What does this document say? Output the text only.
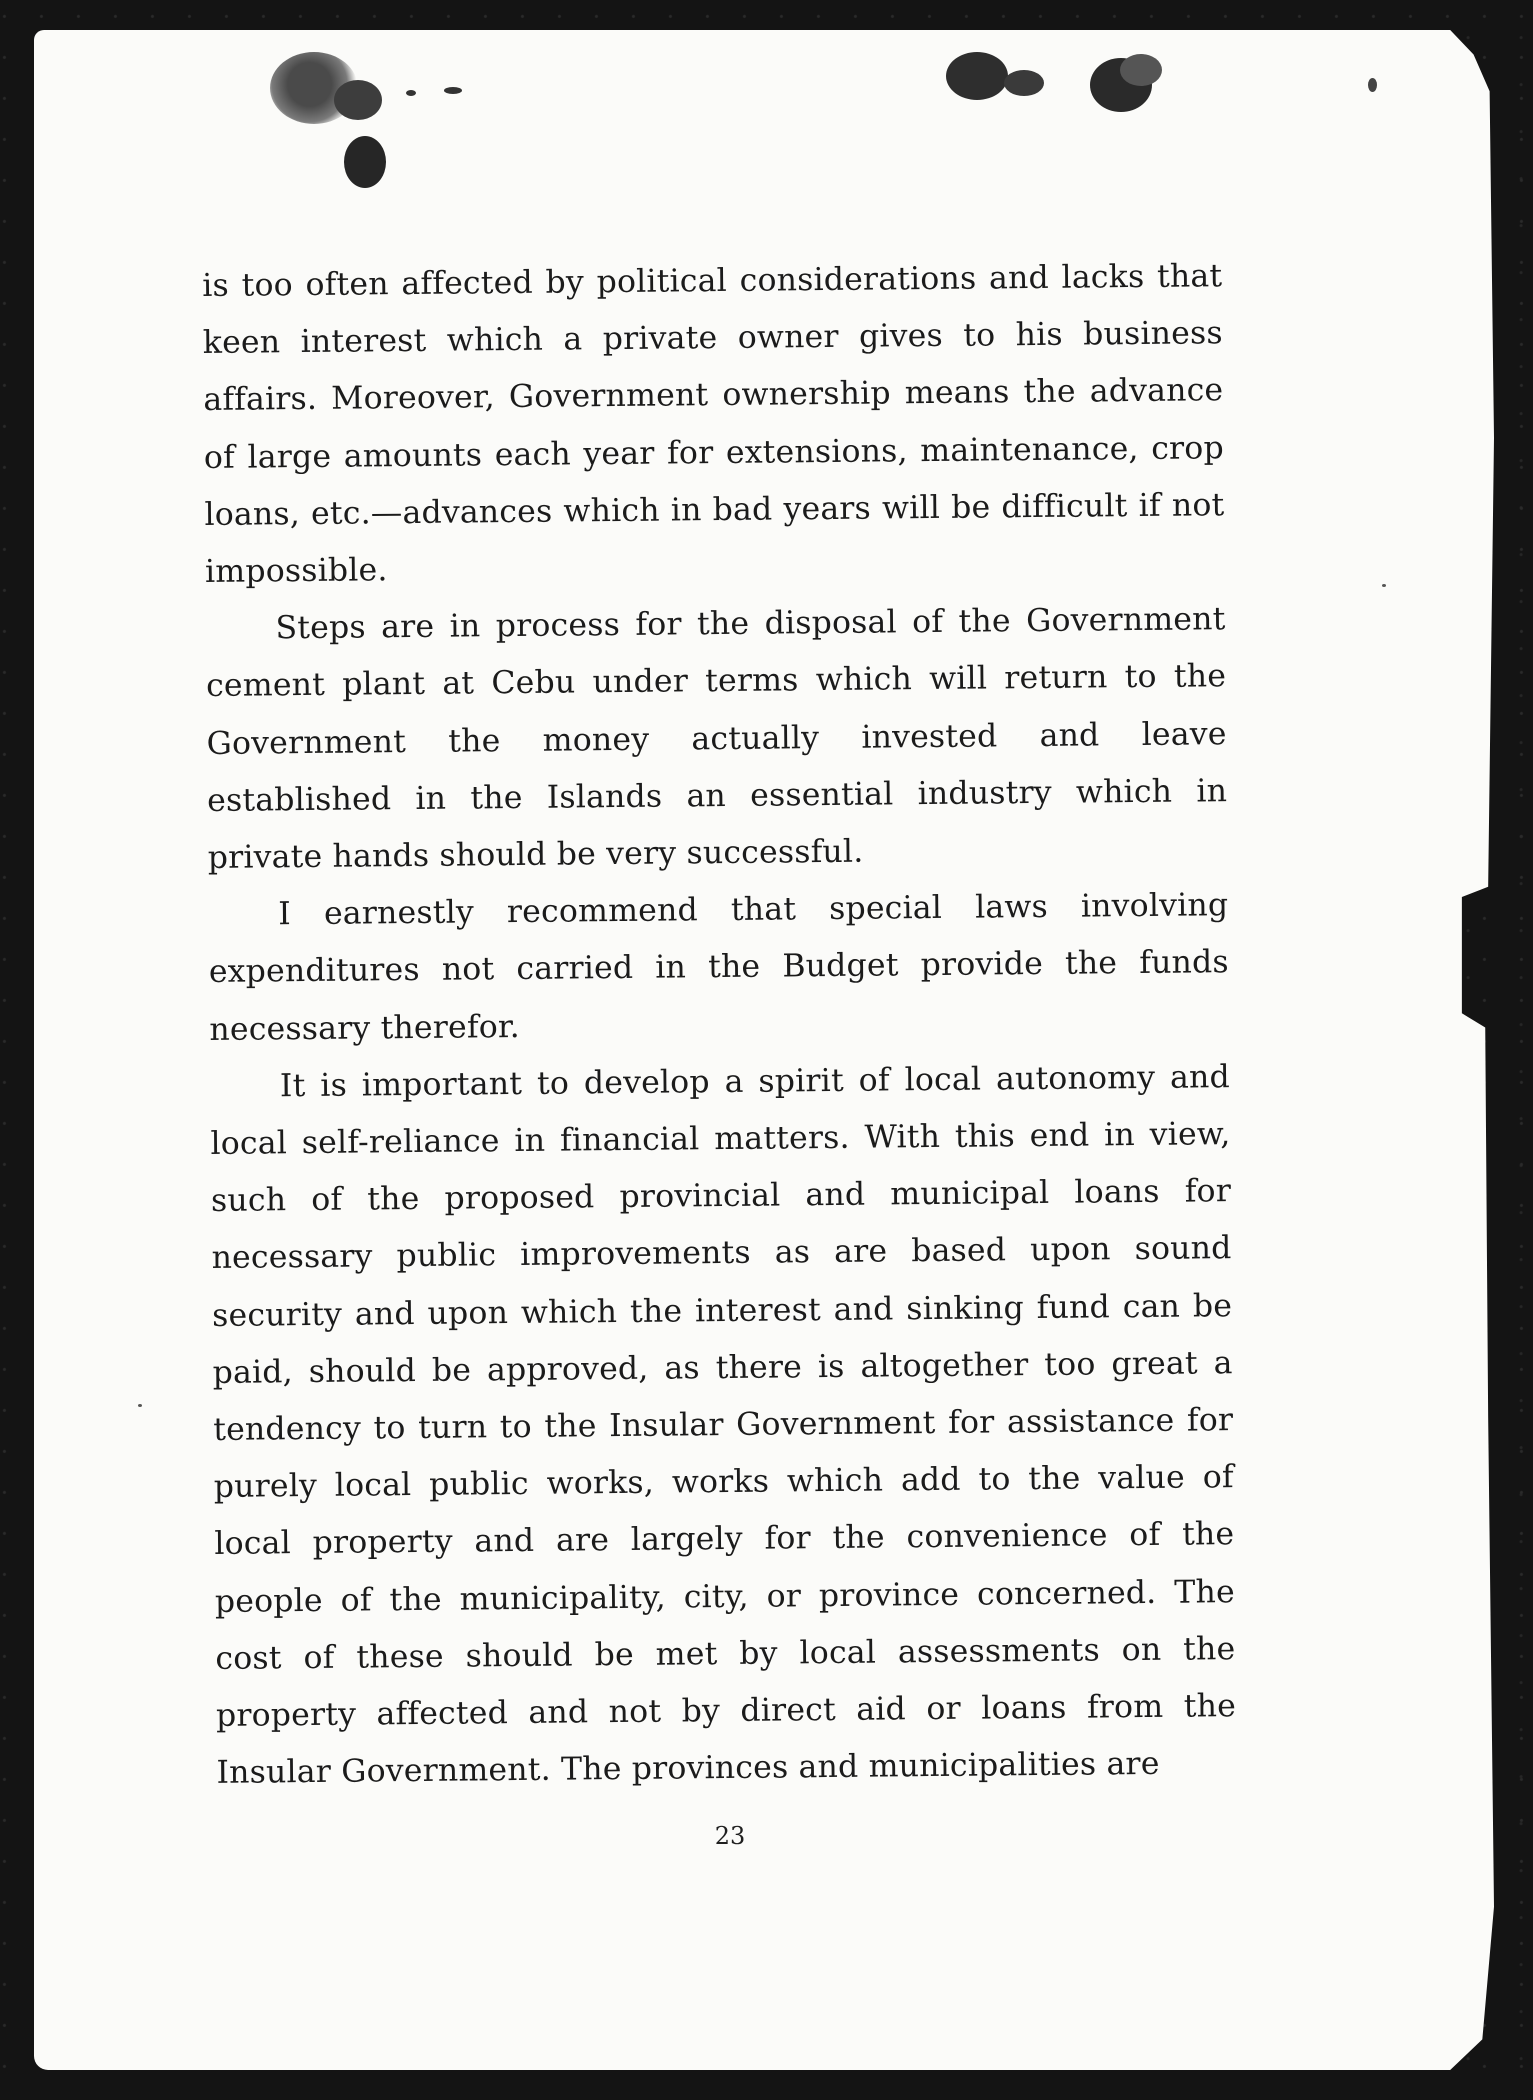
is too often affected by political considerations and lacks that keen interest which a private owner gives to his business affairs. Moreover, Government ownership means the advance of large amounts each year for extensions, maintenance, crop loans, etc.—advances which in bad years will be difficult if not impossible.

Steps are in process for the disposal of the Government cement plant at Cebu under terms which will return to the Government the money actually invested and leave established in the Islands an essential industry which in private hands should be very successful.

I earnestly recommend that special laws involving expenditures not carried in the Budget provide the funds necessary therefor.

It is important to develop a spirit of local autonomy and local self-reliance in financial matters. With this end in view, such of the proposed provincial and municipal loans for necessary public improvements as are based upon sound security and upon which the interest and sinking fund can be paid, should be approved, as there is altogether too great a tendency to turn to the Insular Government for assistance for purely local public works, works which add to the value of local property and are largely for the convenience of the people of the municipality, city, or province concerned. The cost of these should be met by local assessments on the property affected and not by direct aid or loans from the Insular Government. The provinces and municipalities are

23
